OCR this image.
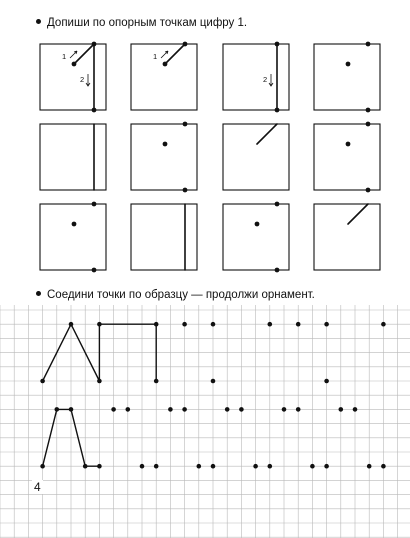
Допиши по опорным точкам цифру 1.
1
2
1
2
Соедини точки по образцу — продолжи орнамент.
4
